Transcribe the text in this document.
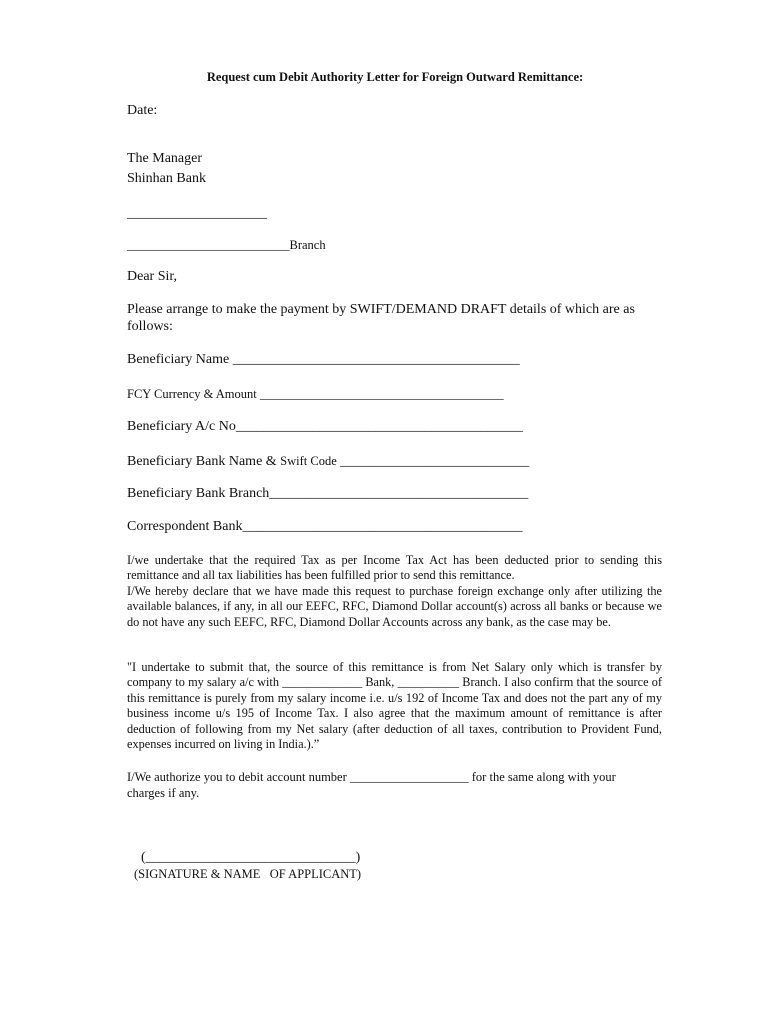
Request cum Debit Authority Letter for Foreign Outward Remittance:
Date:
The Manager
Shinhan Bank
____________________
__________________________Branch
Dear Sir,
Please arrange to make the payment by SWIFT/DEMAND DRAFT details of which are as
follows:
Beneficiary Name _________________________________________
FCY Currency & Amount _______________________________________
Beneficiary A/c No_________________________________________
Beneficiary Bank Name & Swift Code ___________________________
Beneficiary Bank Branch_____________________________________
Correspondent Bank________________________________________

I/we undertake that the required Tax as per Income Tax Act has been deducted prior to sending this remittance and all tax liabilities has been fulfilled prior to send this remittance.

I/We hereby declare that we have made this request to purchase foreign exchange only after utilizing the available balances, if any, in all our EEFC, RFC, Diamond Dollar account(s) across all banks or because we do not have any such EEFC, RFC, Diamond Dollar Accounts across any bank, as the case may be.

"I undertake to submit that, the source of this remittance is from Net Salary only which is transfer by company to my salary a/c with _____________ Bank, __________ Branch. I also confirm that the source of this remittance is purely from my salary income i.e. u/s 192 of Income Tax and does not the part any of my business income u/s 195 of Income Tax. I also agree that the maximum amount of remittance is after deduction of following from my Net salary (after deduction of all taxes, contribution to Provident Fund, expenses incurred on living in India.).”
I/We authorize you to debit account number ___________________ for the same along with your
charges if any.
(______________________________)
(SIGNATURE & NAME   OF APPLICANT)
